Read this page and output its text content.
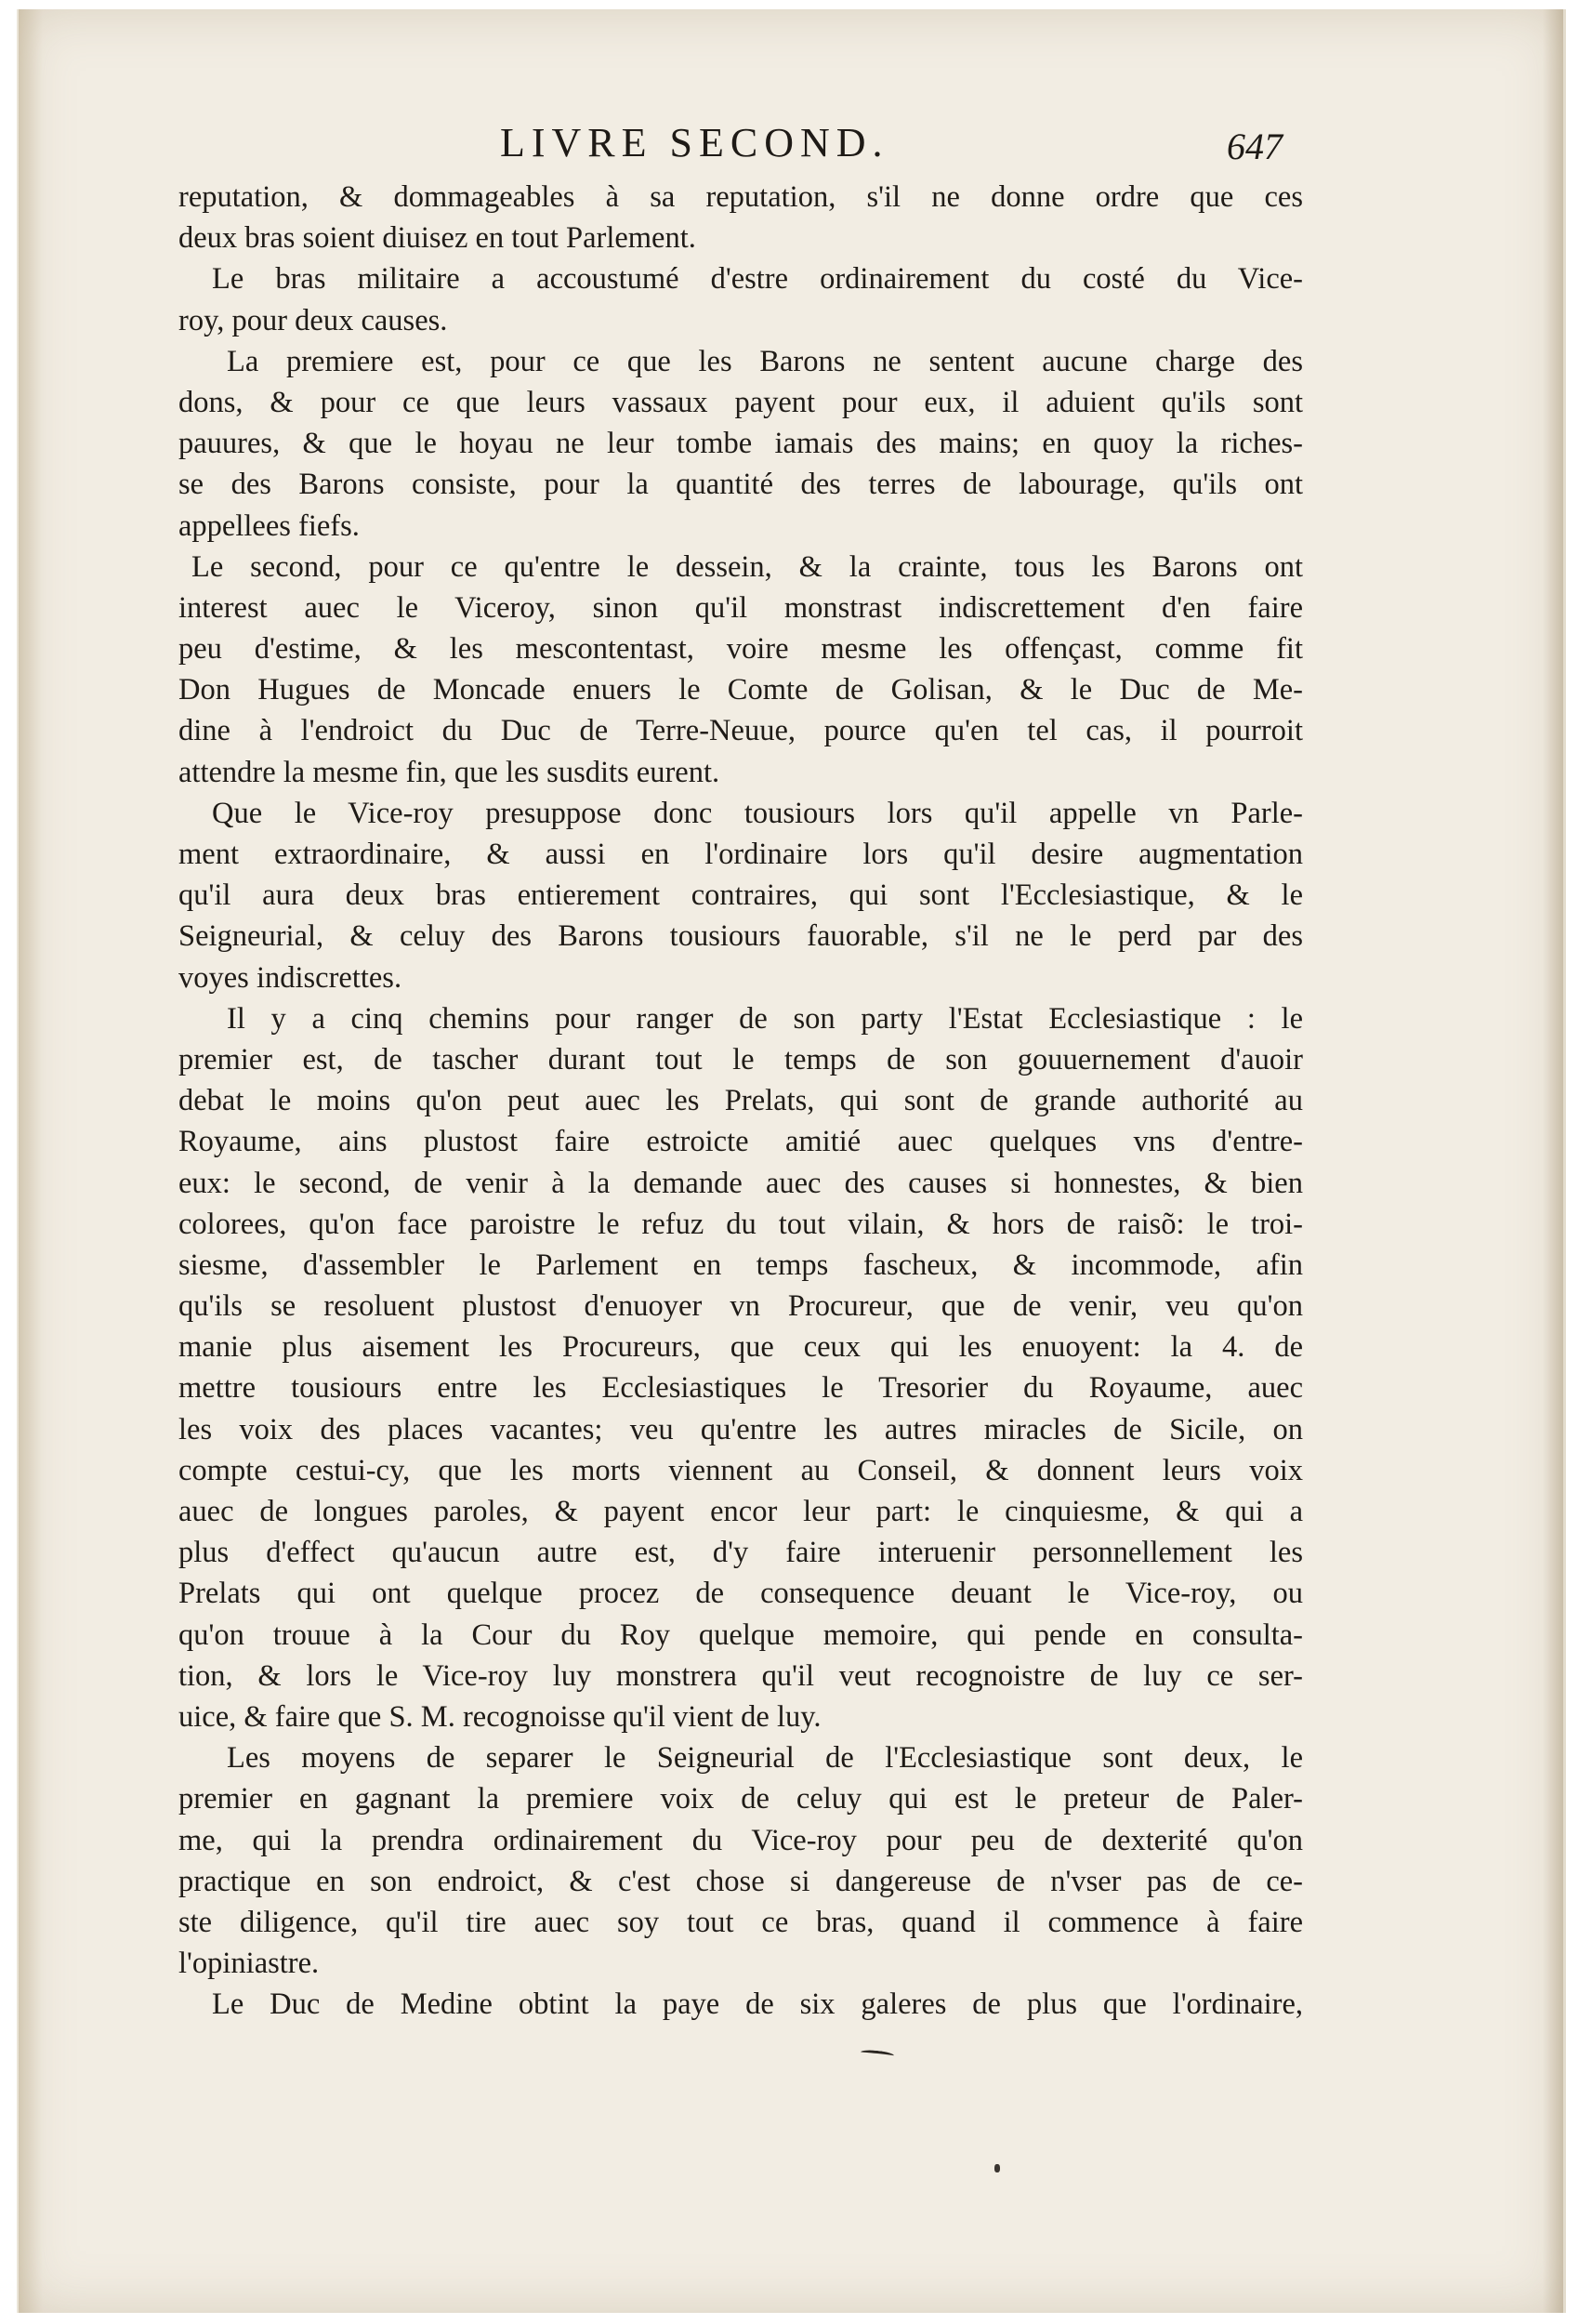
LIVRE SECOND.	647
reputation, & dommageables à sa reputation, s'il ne donne ordre que ces
deux bras soient diuisez en tout Parlement.
Le bras militaire a accoustumé d'estre ordinairement du costé du Vice-
roy, pour deux causes.
La premiere est, pour ce que les Barons ne sentent aucune charge des
dons, & pour ce que leurs vassaux payent pour eux, il aduient qu'ils sont
pauures, & que le hoyau ne leur tombe iamais des mains; en quoy la riches-
se des Barons consiste, pour la quantité des terres de labourage, qu'ils ont
appellees fiefs.
Le second, pour ce qu'entre le dessein, & la crainte, tous les Barons ont
interest auec le Viceroy, sinon qu'il monstrast indiscrettement d'en faire
peu d'estime, & les mescontentast, voire mesme les offençast, comme fit
Don Hugues de Moncade enuers le Comte de Golisan, & le Duc de Me-
dine à l'endroict du Duc de Terre-Neuue, pource qu'en tel cas, il pourroit
attendre la mesme fin, que les susdits eurent.
Que le Vice-roy presuppose donc tousiours lors qu'il appelle vn Parle-
ment extraordinaire, & aussi en l'ordinaire lors qu'il desire augmentation
qu'il aura deux bras entierement contraires, qui sont l'Ecclesiastique, & le
Seigneurial, & celuy des Barons tousiours fauorable, s'il ne le perd par des
voyes indiscrettes.
Il y a cinq chemins pour ranger de son party l'Estat Ecclesiastique : le
premier est, de tascher durant tout le temps de son gouuernement d'auoir
debat le moins qu'on peut auec les Prelats, qui sont de grande authorité au
Royaume, ains plustost faire estroicte amitié auec quelques vns d'entre-
eux: le second, de venir à la demande auec des causes si honnestes, & bien
colorees, qu'on face paroistre le refuz du tout vilain, & hors de raisõ: le troi-
siesme, d'assembler le Parlement en temps fascheux, & incommode, afin
qu'ils se resoluent plustost d'enuoyer vn Procureur, que de venir, veu qu'on
manie plus aisement les Procureurs, que ceux qui les enuoyent: la 4. de
mettre tousiours entre les Ecclesiastiques le Tresorier du Royaume, auec
les voix des places vacantes; veu qu'entre les autres miracles de Sicile, on
compte cestui-cy, que les morts viennent au Conseil, & donnent leurs voix
auec de longues paroles, & payent encor leur part: le cinquiesme, & qui a
plus d'effect qu'aucun autre est, d'y faire interuenir personnellement les
Prelats qui ont quelque procez de consequence deuant le Vice-roy, ou
qu'on trouue à la Cour du Roy quelque memoire, qui pende en consulta-
tion, & lors le Vice-roy luy monstrera qu'il veut recognoistre de luy ce ser-
uice, & faire que S. M. recognoisse qu'il vient de luy.
Les moyens de separer le Seigneurial de l'Ecclesiastique sont deux, le
premier en gagnant la premiere voix de celuy qui est le preteur de Paler-
me, qui la prendra ordinairement du Vice-roy pour peu de dexterité qu'on
practique en son endroict, & c'est chose si dangereuse de n'vser pas de ce-
ste diligence, qu'il tire auec soy tout ce bras, quand il commence à faire
l'opiniastre.
Le Duc de Medine obtint la paye de six galeres de plus que l'ordinaire,
